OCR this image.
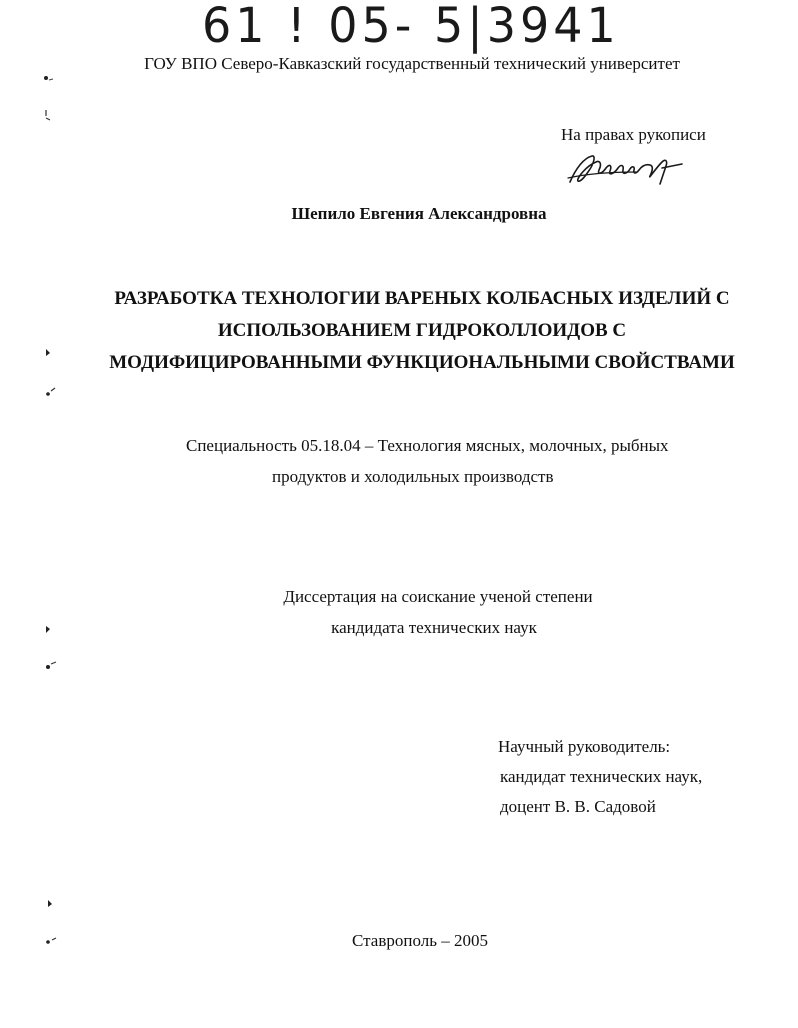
61 ! 05- 5|3941
ГОУ ВПО Северо-Кавказский государственный технический университет
На правах рукописи
Шепило Евгения Александровна
РАЗРАБОТКА ТЕХНОЛОГИИ ВАРЕНЫХ КОЛБАСНЫХ ИЗДЕЛИЙ С
ИСПОЛЬЗОВАНИЕМ ГИДРОКОЛЛОИДОВ С
МОДИФИЦИРОВАННЫМИ ФУНКЦИОНАЛЬНЫМИ СВОЙСТВАМИ
Специальность 05.18.04 – Технология мясных, молочных, рыбных
продуктов и холодильных производств
Диссертация на соискание ученой степени
кандидата технических наук
Научный руководитель:
кандидат технических наук,
доцент В. В. Садовой
Ставрополь – 2005
